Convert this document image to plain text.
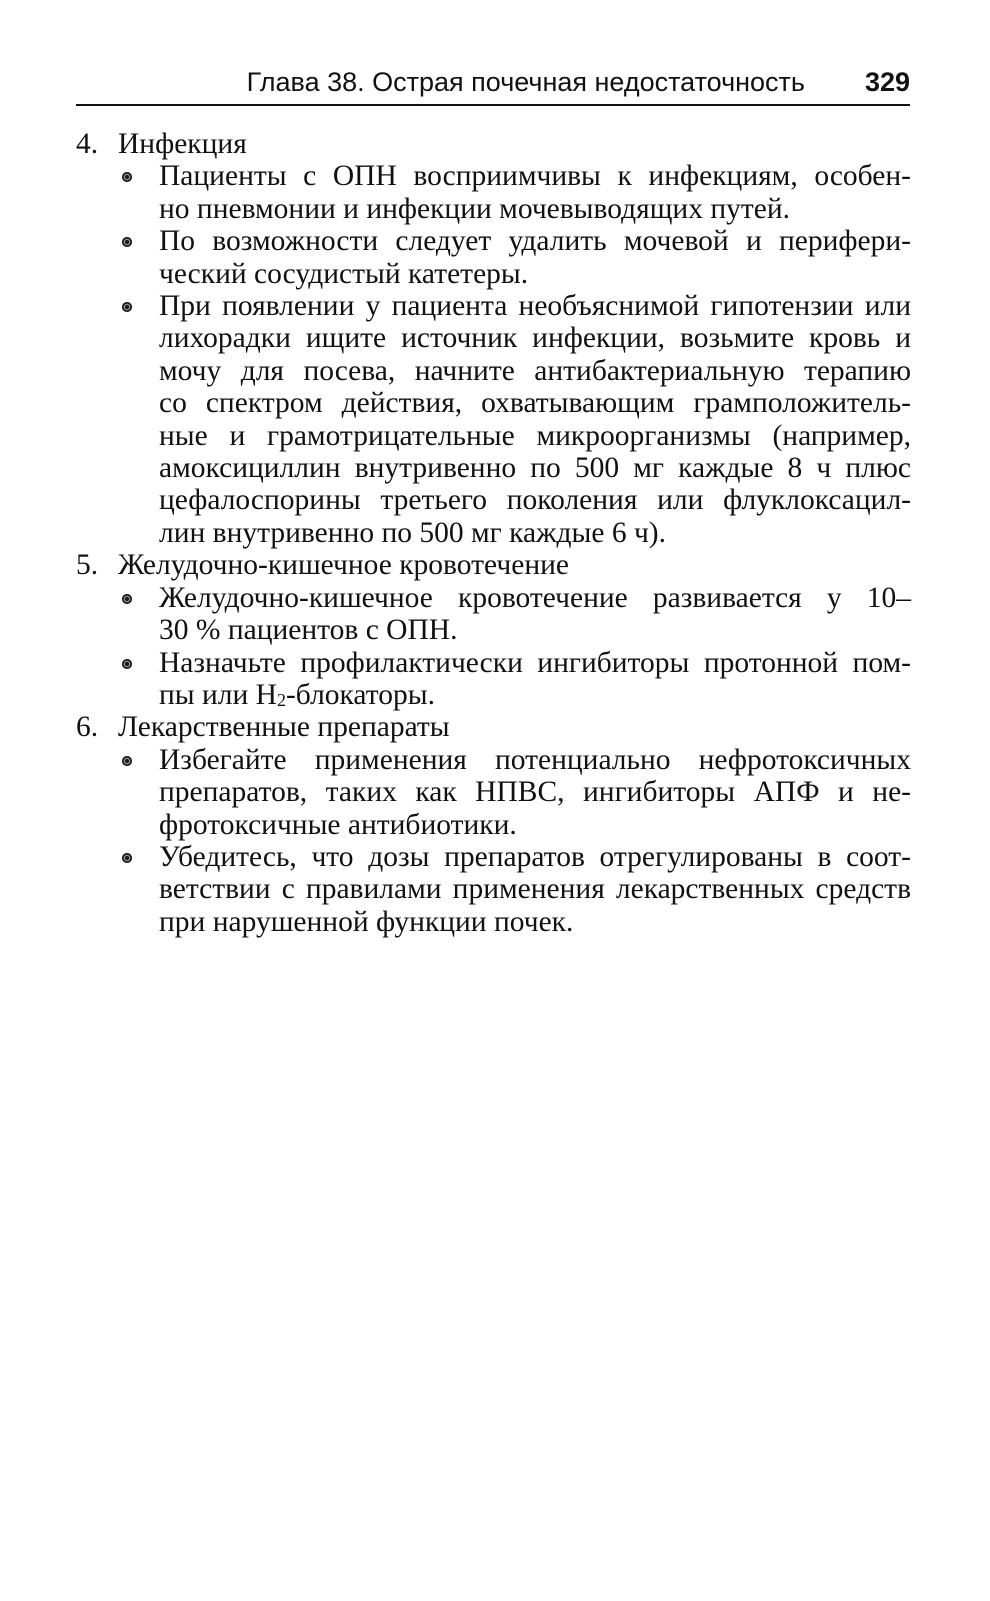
Глава 38. Острая почечная недостаточность 329
4. Инфекция
Пациенты с ОПН восприимчивы к инфекциям, особен-
но пневмонии и инфекции мочевыводящих путей.
По возможности следует удалить мочевой и перифери-
ческий сосудистый катетеры.
При появлении у пациента необъяснимой гипотензии или
лихорадки ищите источник инфекции, возьмите кровь и
мочу для посева, начните антибактериальную терапию
со спектром действия, охватывающим грамположитель-
ные и грамотрицательные микроорганизмы (например,
амоксициллин внутривенно по 500 мг каждые 8 ч плюс
цефалоспорины третьего поколения или флуклоксацил-
лин внутривенно по 500 мг каждые 6 ч).
5. Желудочно-кишечное кровотечение
Желудочно-кишечное кровотечение развивается у 10–
30 % пациентов с ОПН.
Назначьте профилактически ингибиторы протонной пом-
пы или $Н_2$-блокаторы.
6. Лекарственные препараты
Избегайте применения потенциально нефротоксичных
препаратов, таких как НПВС, ингибиторы АПФ и не-
фротоксичные антибиотики.
Убедитесь, что дозы препаратов отрегулированы в соот-
ветствии с правилами применения лекарственных средств
при нарушенной функции почек.
